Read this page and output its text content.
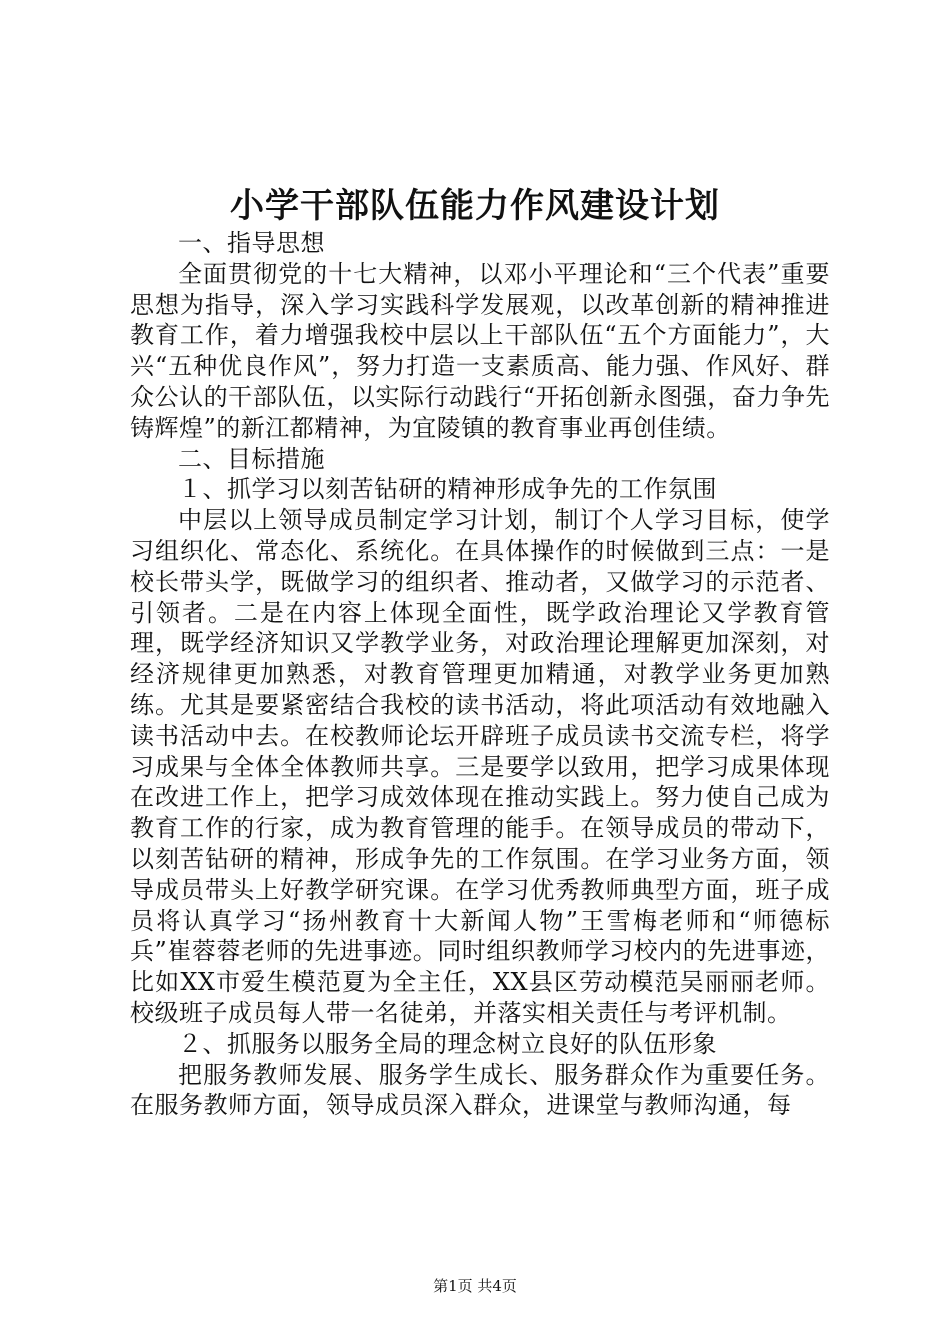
小学干部队伍能力作风建设计划

一、指导思想

全面贯彻党的十七大精神，以邓小平理论和“三个代表”重要思想为指导，深入学习实践科学发展观，以改革创新的精神推进教育工作，着力增强我校中层以上干部队伍“五个方面能力”，大兴“五种优良作风”，努力打造一支素质高、能力强、作风好、群众公认的干部队伍，以实际行动践行“开拓创新永图强，奋力争先铸辉煌”的新江都精神，为宜陵镇的教育事业再创佳绩。

二、目标措施

１、抓学习以刻苦钻研的精神形成争先的工作氛围

中层以上领导成员制定学习计划，制订个人学习目标，使学习组织化、常态化、系统化。在具体操作的时候做到三点：一是校长带头学，既做学习的组织者、推动者，又做学习的示范者、引领者。二是在内容上体现全面性，既学政治理论又学教育管理，既学经济知识又学教学业务，对政治理论理解更加深刻，对经济规律更加熟悉，对教育管理更加精通，对教学业务更加熟练。尤其是要紧密结合我校的读书活动，将此项活动有效地融入读书活动中去。在校教师论坛开辟班子成员读书交流专栏，将学习成果与全体全体教师共享。三是要学以致用，把学习成果体现在改进工作上，把学习成效体现在推动实践上。努力使自己成为教育工作的行家，成为教育管理的能手。在领导成员的带动下，以刻苦钻研的精神，形成争先的工作氛围。在学习业务方面，领导成员带头上好教学研究课。在学习优秀教师典型方面，班子成员将认真学习“扬州教育十大新闻人物”王雪梅老师和“师德标兵”崔蓉蓉老师的先进事迹。同时组织教师学习校内的先进事迹，比如XX市爱生模范夏为全主任，XX县区劳动模范吴丽丽老师。校级班子成员每人带一名徒弟，并落实相关责任与考评机制。

２、抓服务以服务全局的理念树立良好的队伍形象

把服务教师发展、服务学生成长、服务群众作为重要任务。在服务教师方面，领导成员深入群众，进课堂与教师沟通，每

第1页 共4页
